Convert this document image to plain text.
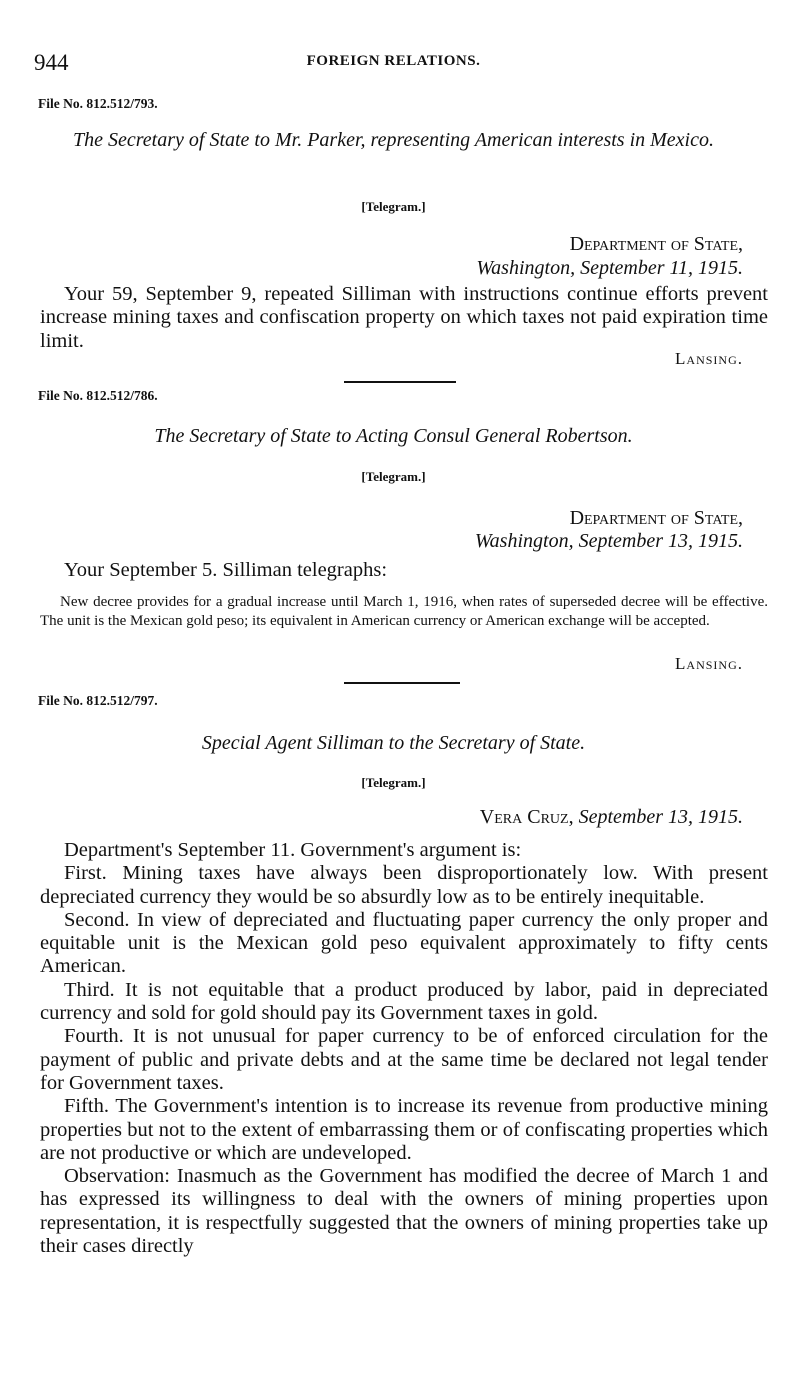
944	FOREIGN RELATIONS.
File No. 812.512/793.
The Secretary of State to Mr. Parker, representing American interests in Mexico.
[Telegram.]
Department of State,
Washington, September 11, 1915.

Your 59, September 9, repeated Silliman with instructions continue efforts prevent increase mining taxes and confiscation property on which taxes not paid expiration time limit.

Lansing.
File No. 812.512/786.
The Secretary of State to Acting Consul General Robertson.
[Telegram.]
Department of State,
Washington, September 13, 1915.

Your September 5. Silliman telegraphs:

New decree provides for a gradual increase until March 1, 1916, when rates of superseded decree will be effective. The unit is the Mexican gold peso; its equivalent in American currency or American exchange will be accepted.

Lansing.
File No. 812.512/797.
Special Agent Silliman to the Secretary of State.
[Telegram.]
Vera Cruz, September 13, 1915.

Department's September 11. Government's argument is:

First. Mining taxes have always been disproportionately low. With present depreciated currency they would be so absurdly low as to be entirely inequitable.

Second. In view of depreciated and fluctuating paper currency the only proper and equitable unit is the Mexican gold peso equivalent approximately to fifty cents American.

Third. It is not equitable that a product produced by labor, paid in depreciated currency and sold for gold should pay its Government taxes in gold.

Fourth. It is not unusual for paper currency to be of enforced circulation for the payment of public and private debts and at the same time be declared not legal tender for Government taxes.

Fifth. The Government's intention is to increase its revenue from productive mining properties but not to the extent of embarrassing them or of confiscating properties which are not productive or which are undeveloped.

Observation: Inasmuch as the Government has modified the decree of March 1 and has expressed its willingness to deal with the owners of mining properties upon representation, it is respectfully suggested that the owners of mining properties take up their cases directly
